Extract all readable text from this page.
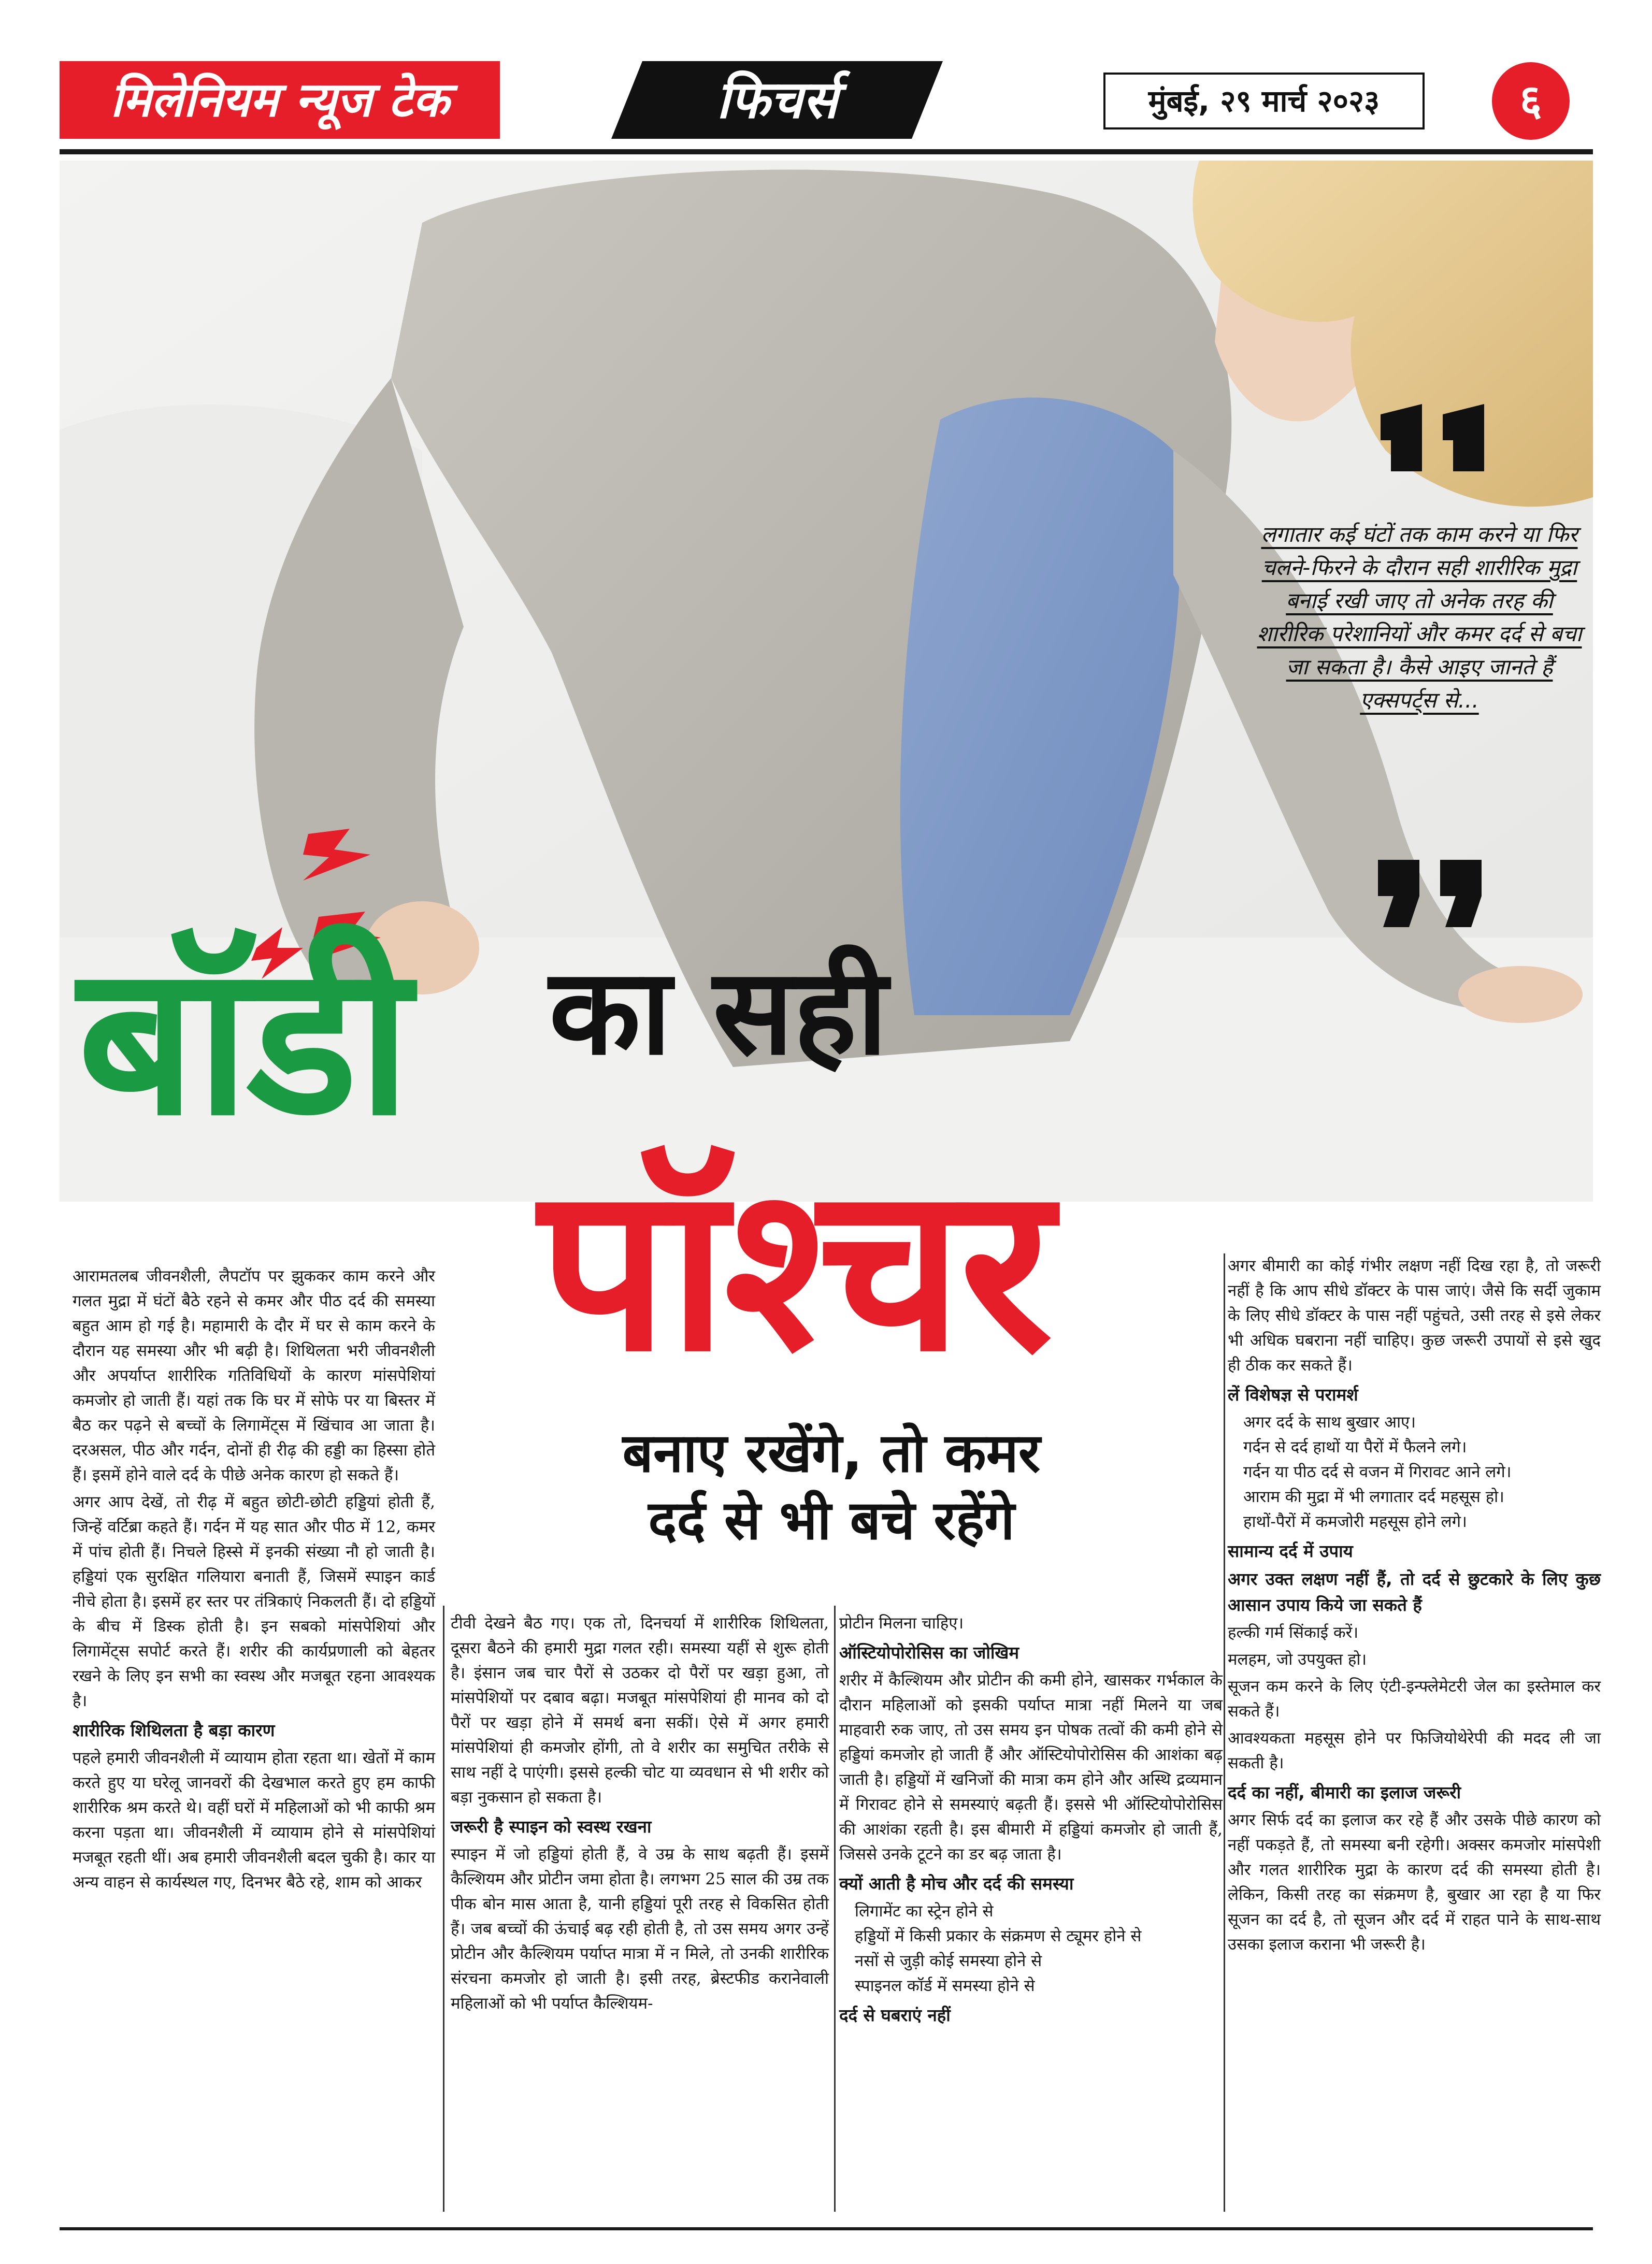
मिलेनियम न्यूज टेक	फिचर्स	मुंबई, २९ मार्च २०२३	६
लगातार कई घंटों तक काम करने या फिर चलने-फिरने के दौरान सही शारीरिक मुद्रा बनाई रखी जाए तो अनेक तरह की शारीरिक परेशानियों और कमर दर्द से बचा जा सकता है। कैसे आइए जानते हैं एक्सपर्ट्स से...
बॉडी का सही
पॉश्चर
बनाए रखेंगे, तो कमर
दर्द से भी बचे रहेंगे

आरामतलब जीवनशैली, लैपटॉप पर झुककर काम करने और गलत मुद्रा में घंटों बैठे रहने से कमर और पीठ दर्द की समस्या बहुत आम हो गई है। महामारी के दौर में घर से काम करने के दौरान यह समस्या और भी बढ़ी है। शिथिलता भरी जीवनशैली और अपर्याप्त शारीरिक गतिविधियों के कारण मांसपेशियां कमजोर हो जाती हैं। यहां तक कि घर में सोफे पर या बिस्तर में बैठ कर पढ़ने से बच्चों के लिगामेंट्स में खिंचाव आ जाता है। दरअसल, पीठ और गर्दन, दोनों ही रीढ़ की हड्डी का हिस्सा होते हैं। इसमें होने वाले दर्द के पीछे अनेक कारण हो सकते हैं।

अगर आप देखें, तो रीढ़ में बहुत छोटी-छोटी हड्डियां होती हैं, जिन्हें वर्टिब्रा कहते हैं। गर्दन में यह सात और पीठ में 12, कमर में पांच होती हैं। निचले हिस्से में इनकी संख्या नौ हो जाती है। हड्डियां एक सुरक्षित गलियारा बनाती हैं, जिसमें स्पाइन कार्ड नीचे होता है। इसमें हर स्तर पर तंत्रिकाएं निकलती हैं। दो हड्डियों के बीच में डिस्क होती है। इन सबको मांसपेशियां और लिगामेंट्स सपोर्ट करते हैं। शरीर की कार्यप्रणाली को बेहतर रखने के लिए इन सभी का स्वस्थ और मजबूत रहना आवश्यक है।

शारीरिक शिथिलता है बड़ा कारण

पहले हमारी जीवनशैली में व्यायाम होता रहता था। खेतों में काम करते हुए या घरेलू जानवरों की देखभाल करते हुए हम काफी शारीरिक श्रम करते थे। वहीं घरों में महिलाओं को भी काफी श्रम करना पड़ता था। जीवनशैली में व्यायाम होने से मांसपेशियां मजबूत रहती थीं। अब हमारी जीवनशैली बदल चुकी है। कार या अन्य वाहन से कार्यस्थल गए, दिनभर बैठे रहे, शाम को आकर

टीवी देखने बैठ गए। एक तो, दिनचर्या में शारीरिक शिथिलता, दूसरा बैठने की हमारी मुद्रा गलत रही। समस्या यहीं से शुरू होती है। इंसान जब चार पैरों से उठकर दो पैरों पर खड़ा हुआ, तो मांसपेशियों पर दबाव बढ़ा। मजबूत मांसपेशियां ही मानव को दो पैरों पर खड़ा होने में समर्थ बना सकीं। ऐसे में अगर हमारी मांसपेशियां ही कमजोर होंगी, तो वे शरीर का समुचित तरीके से साथ नहीं दे पाएंगी। इससे हल्की चोट या व्यवधान से भी शरीर को बड़ा नुकसान हो सकता है।

जरूरी है स्पाइन को स्वस्थ रखना

स्पाइन में जो हड्डियां होती हैं, वे उम्र के साथ बढ़ती हैं। इसमें कैल्शियम और प्रोटीन जमा होता है। लगभग 25 साल की उम्र तक पीक बोन मास आता है, यानी हड्डियां पूरी तरह से विकसित होती हैं। जब बच्चों की ऊंचाई बढ़ रही होती है, तो उस समय अगर उन्हें प्रोटीन और कैल्शियम पर्याप्त मात्रा में न मिले, तो उनकी शारीरिक संरचना कमजोर हो जाती है। इसी तरह, ब्रेस्टफीड करानेवाली महिलाओं को भी पर्याप्त कैल्शियम-

प्रोटीन मिलना चाहिए।

ऑस्टियोपोरोसिस का जोखिम

शरीर में कैल्शियम और प्रोटीन की कमी होने, खासकर गर्भकाल के दौरान महिलाओं को इसकी पर्याप्त मात्रा नहीं मिलने या जब माहवारी रुक जाए, तो उस समय इन पोषक तत्वों की कमी होने से हड्डियां कमजोर हो जाती हैं और ऑस्टियोपोरोसिस की आशंका बढ़ जाती है। हड्डियों में खनिजों की मात्रा कम होने और अस्थि द्रव्यमान में गिरावट होने से समस्याएं बढ़ती हैं। इससे भी ऑस्टियोपोरोसिस की आशंका रहती है। इस बीमारी में हड्डियां कमजोर हो जाती हैं, जिससे उनके टूटने का डर बढ़ जाता है।

क्यों आती है मोच और दर्द की समस्या

लिगामेंट का स्ट्रेन होने से

हड्डियों में किसी प्रकार के संक्रमण से ट्यूमर होने से

नसों से जुड़ी कोई समस्या होने से

स्पाइनल कॉर्ड में समस्या होने से

दर्द से घबराएं नहीं

अगर बीमारी का कोई गंभीर लक्षण नहीं दिख रहा है, तो जरूरी नहीं है कि आप सीधे डॉक्टर के पास जाएं। जैसे कि सर्दी जुकाम के लिए सीधे डॉक्टर के पास नहीं पहुंचते, उसी तरह से इसे लेकर भी अधिक घबराना नहीं चाहिए। कुछ जरूरी उपायों से इसे खुद ही ठीक कर सकते हैं।

लें विशेषज्ञ से परामर्श

अगर दर्द के साथ बुखार आए।

गर्दन से दर्द हाथों या पैरों में फैलने लगे।

गर्दन या पीठ दर्द से वजन में गिरावट आने लगे।

आराम की मुद्रा में भी लगातार दर्द महसूस हो।

हाथों-पैरों में कमजोरी महसूस होने लगे।

सामान्य दर्द में उपाय

अगर उक्त लक्षण नहीं हैं, तो दर्द से छुटकारे के लिए कुछ आसान उपाय किये जा सकते हैं

हल्की गर्म सिंकाई करें।

मलहम, जो उपयुक्त हो।

सूजन कम करने के लिए एंटी-इन्फ्लेमेटरी जेल का इस्तेमाल कर सकते हैं।

आवश्यकता महसूस होने पर फिजियोथेरेपी की मदद ली जा सकती है।

दर्द का नहीं, बीमारी का इलाज जरूरी

अगर सिर्फ दर्द का इलाज कर रहे हैं और उसके पीछे कारण को नहीं पकड़ते हैं, तो समस्या बनी रहेगी। अक्सर कमजोर मांसपेशी और गलत शारीरिक मुद्रा के कारण दर्द की समस्या होती है। लेकिन, किसी तरह का संक्रमण है, बुखार आ रहा है या फिर सूजन का दर्द है, तो सूजन और दर्द में राहत पाने के साथ-साथ उसका इलाज कराना भी जरूरी है।
